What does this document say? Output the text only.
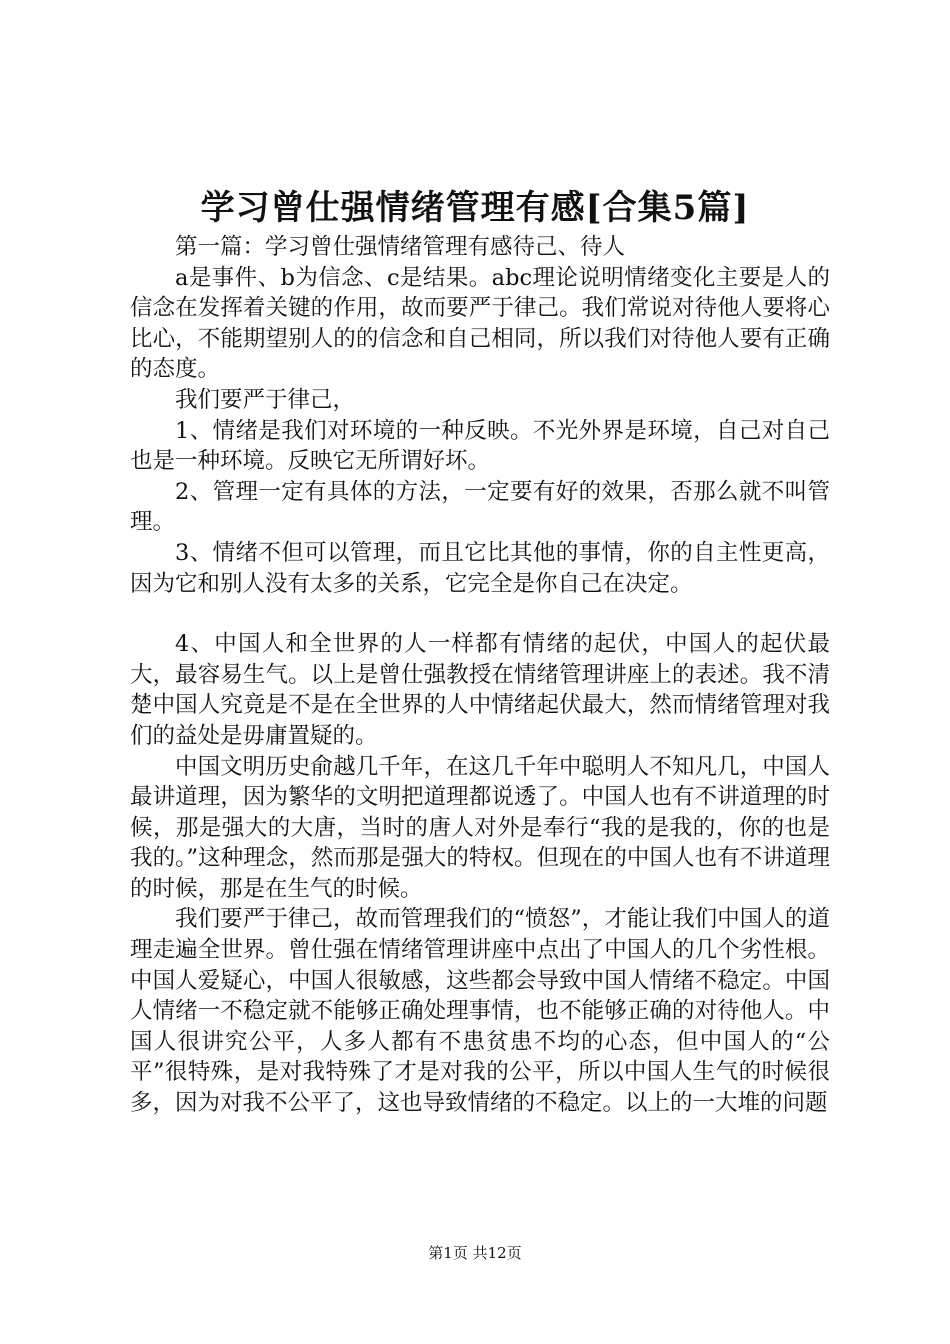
学习曾仕强情绪管理有感[合集5篇]

第一篇：学习曾仕强情绪管理有感待己、待人

a是事件、b为信念、c是结果。abc理论说明情绪变化主要是人的信念在发挥着关键的作用，故而要严于律己。我们常说对待他人要将心比心，不能期望别人的的信念和自己相同，所以我们对待他人要有正确的态度。

我们要严于律己，

1、情绪是我们对环境的一种反映。不光外界是环境，自己对自己也是一种环境。反映它无所谓好坏。

2、管理一定有具体的方法，一定要有好的效果，否那么就不叫管理。

3、情绪不但可以管理，而且它比其他的事情，你的自主性更高，因为它和别人没有太多的关系，它完全是你自己在决定。

4、中国人和全世界的人一样都有情绪的起伏，中国人的起伏最大，最容易生气。以上是曾仕强教授在情绪管理讲座上的表述。我不清楚中国人究竟是不是在全世界的人中情绪起伏最大，然而情绪管理对我们的益处是毋庸置疑的。

中国文明历史俞越几千年，在这几千年中聪明人不知凡几，中国人最讲道理，因为繁华的文明把道理都说透了。中国人也有不讲道理的时候，那是强大的大唐，当时的唐人对外是奉行“我的是我的，你的也是我的。”这种理念，然而那是强大的特权。但现在的中国人也有不讲道理的时候，那是在生气的时候。

我们要严于律己，故而管理我们的“愤怒”，才能让我们中国人的道理走遍全世界。曾仕强在情绪管理讲座中点出了中国人的几个劣性根。中国人爱疑心，中国人很敏感，这些都会导致中国人情绪不稳定。中国人情绪一不稳定就不能够正确处理事情，也不能够正确的对待他人。中国人很讲究公平，人多人都有不患贫患不均的心态，但中国人的“公平”很特殊，是对我特殊了才是对我的公平，所以中国人生气的时候很多，因为对我不公平了，这也导致情绪的不稳定。以上的一大堆的问题

第1页 共12页
